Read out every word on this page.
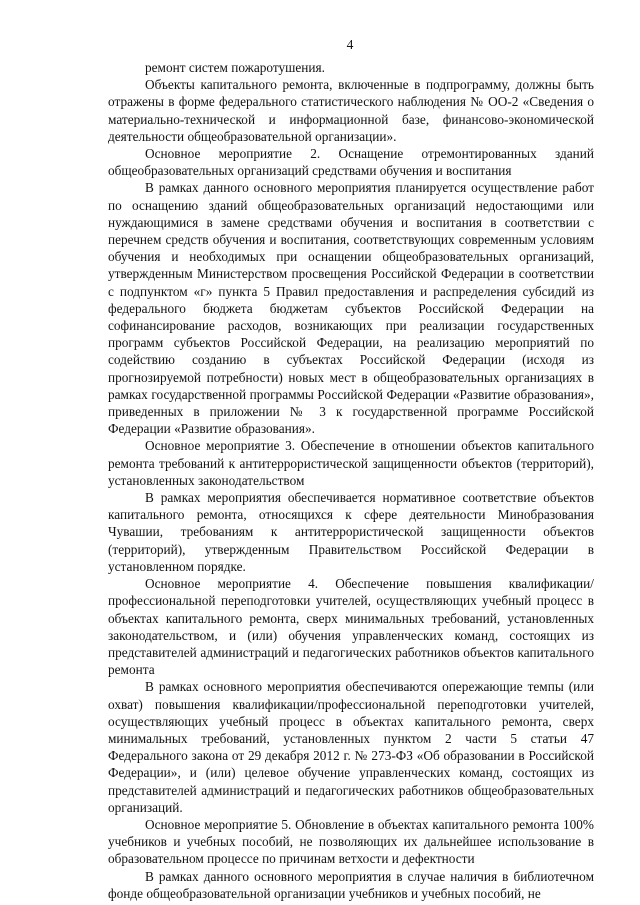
4

ремонт систем пожаротушения.

Объекты капитального ремонта, включенные в подпрограмму, должны быть отражены в форме федерального статистического наблюдения № ОО-2 «Сведения о материально-технической и информационной базе, финансово-экономической деятельности общеобразовательной организации».

Основное мероприятие 2. Оснащение отремонтированных зданий общеобразовательных организаций средствами обучения и воспитания

В рамках данного основного мероприятия планируется осуществление работ по оснащению зданий общеобразовательных организаций недостающими или нуждающимися в замене средствами обучения и воспитания в соответствии с перечнем средств обучения и воспитания, соответствующих современным условиям обучения и необходимых при оснащении общеобразовательных организаций, утвержденным Министерством просвещения Российской Федерации в соответствии с подпунктом «г» пункта 5 Правил предоставления и распределения субсидий из федерального бюджета бюджетам субъектов Российской Федерации на софинансирование расходов, возникающих при реализации государственных программ субъектов Российской Федерации, на реализацию мероприятий по содействию созданию в субъектах Российской Федерации (исходя из прогнозируемой потребности) новых мест в общеобразовательных организациях в рамках государственной программы Российской Федерации «Развитие образования», приведенных в приложении № 3 к государственной программе Российской Федерации «Развитие образования».

Основное мероприятие 3. Обеспечение в отношении объектов капитального ремонта требований к антитеррористической защищенности объектов (территорий), установленных законодательством

В рамках мероприятия обеспечивается нормативное соответствие объектов капитального ремонта, относящихся к сфере деятельности Минобразования Чувашии, требованиям к антитеррористической защищенности объектов (территорий), утвержденным Правительством Российской Федерации в установленном порядке.

Основное мероприятие 4. Обеспечение повышения квалификации/профессиональной переподготовки учителей, осуществляющих учебный процесс в объектах капитального ремонта, сверх минимальных требований, установленных законодательством, и (или) обучения управленческих команд, состоящих из представителей администраций и педагогических работников объектов капитального ремонта

В рамках основного мероприятия обеспечиваются опережающие темпы (или охват) повышения квалификации/профессиональной переподготовки учителей, осуществляющих учебный процесс в объектах капитального ремонта, сверх минимальных требований, установленных пунктом 2 части 5 статьи 47 Федерального закона от 29 декабря 2012 г. № 273-ФЗ «Об образовании в Российской Федерации», и (или) целевое обучение управленческих команд, состоящих из представителей администраций и педагогических работников общеобразовательных организаций.

Основное мероприятие 5. Обновление в объектах капитального ремонта 100% учебников и учебных пособий, не позволяющих их дальнейшее использование в образовательном процессе по причинам ветхости и дефектности

В рамках данного основного мероприятия в случае наличия в библиотечном фонде общеобразовательной организации учебников и учебных пособий, не
